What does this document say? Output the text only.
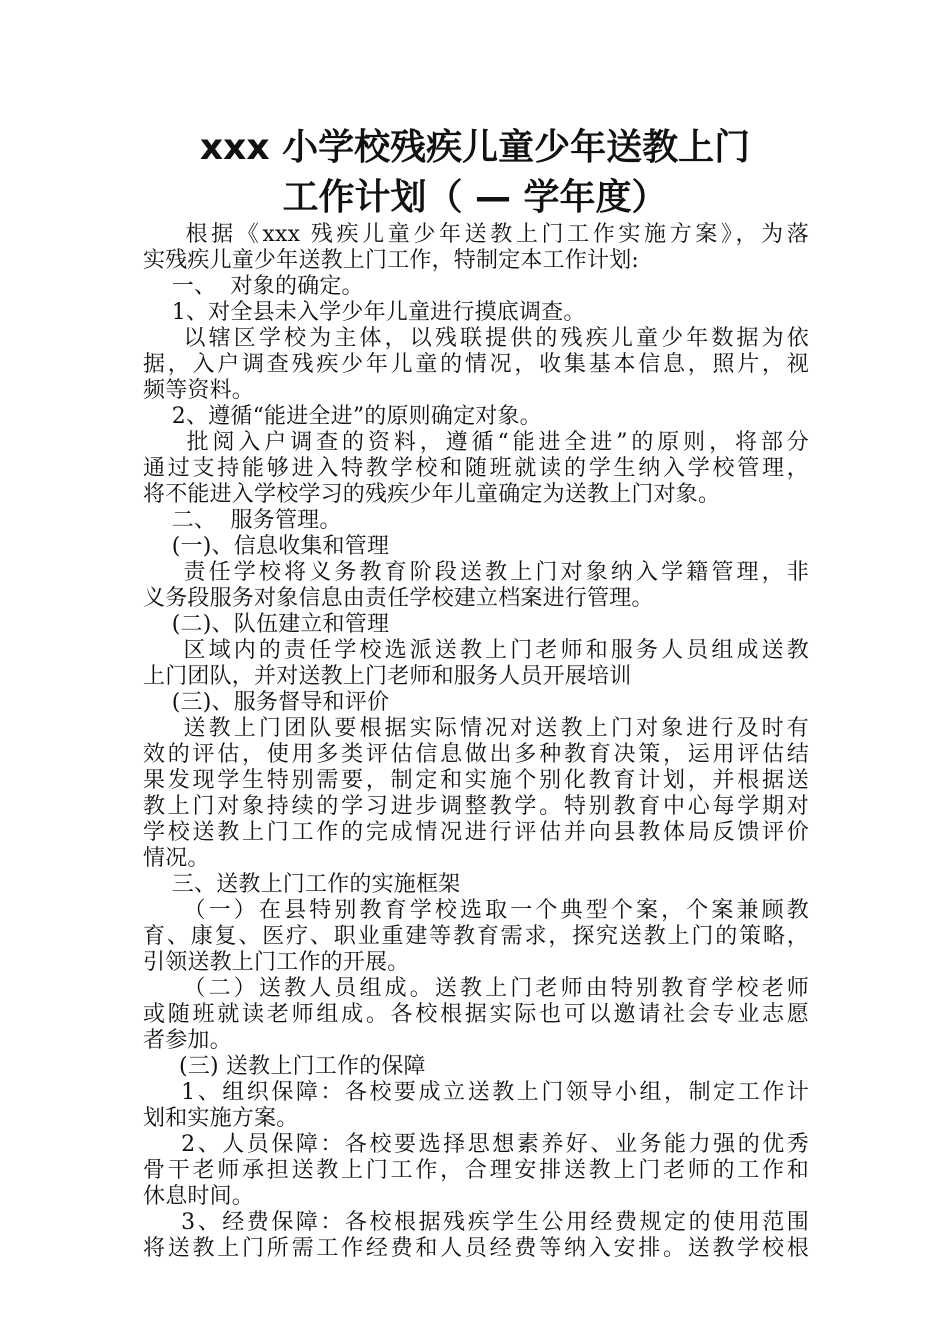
xxx 小学校残疾儿童少年送教上门
工作计划（ — 学年度）
根据《xxx 残疾儿童少年送教上门工作实施方案》，为落
实残疾儿童少年送教上门工作，特制定本工作计划:
一、  对象的确定。
1、对全县未入学少年儿童进行摸底调查。
以辖区学校为主体，以残联提供的残疾儿童少年数据为依
据，入户调查残疾少年儿童的情况，收集基本信息，照片，视
频等资料。
2、遵循“能进全进”的原则确定对象。
批阅入户调查的资料，遵循“能进全进”的原则，将部分
通过支持能够进入特教学校和随班就读的学生纳入学校管理，
将不能进入学校学习的残疾少年儿童确定为送教上门对象。
二、  服务管理。
(一)、信息收集和管理
责任学校将义务教育阶段送教上门对象纳入学籍管理，非
义务段服务对象信息由责任学校建立档案进行管理。
(二)、队伍建立和管理
区域内的责任学校选派送教上门老师和服务人员组成送教
上门团队，并对送教上门老师和服务人员开展培训
(三)、服务督导和评价
送教上门团队要根据实际情况对送教上门对象进行及时有
效的评估，使用多类评估信息做出多种教育决策，运用评估结
果发现学生特别需要，制定和实施个别化教育计划，并根据送
教上门对象持续的学习进步调整教学。特别教育中心每学期对
学校送教上门工作的完成情况进行评估并向县教体局反馈评价
情况。
三、送教上门工作的实施框架
（一）在县特别教育学校选取一个典型个案，个案兼顾教
育、康复、医疗、职业重建等教育需求，探究送教上门的策略，
引领送教上门工作的开展。
（二）送教人员组成。送教上门老师由特别教育学校老师
或随班就读老师组成。各校根据实际也可以邀请社会专业志愿
者参加。
(三) 送教上门工作的保障
1、组织保障：各校要成立送教上门领导小组，制定工作计
划和实施方案。
2、人员保障：各校要选择思想素养好、业务能力强的优秀
骨干老师承担送教上门工作，合理安排送教上门老师的工作和
休息时间。
3、经费保障：各校根据残疾学生公用经费规定的使用范围
将送教上门所需工作经费和人员经费等纳入安排。送教学校根
